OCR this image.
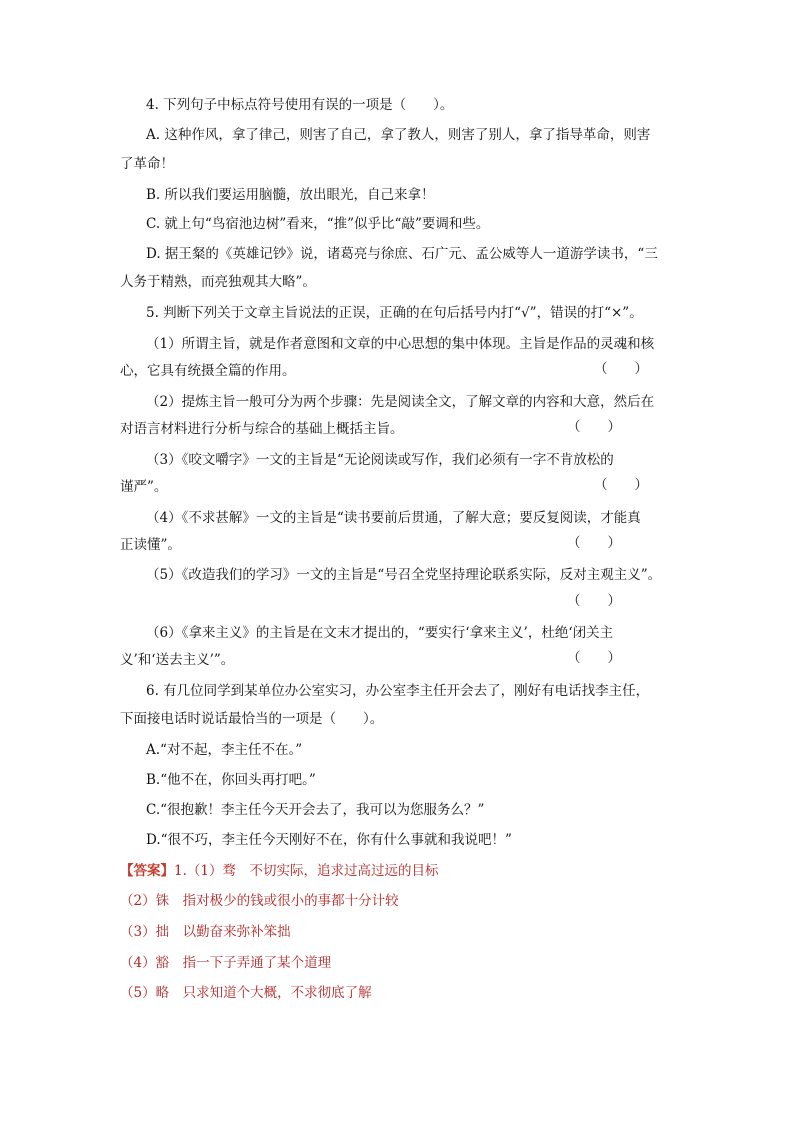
4. 下列句子中标点符号使用有误的一项是（　　）。
A. 这种作风，拿了律己，则害了自己，拿了教人，则害了别人，拿了指导革命，则害
了革命！
B. 所以我们要运用脑髓，放出眼光，自己来拿！
C. 就上句“鸟宿池边树”看来，“推”似乎比“敲”要调和些。
D. 据王粲的《英雄记钞》说，诸葛亮与徐庶、石广元、孟公威等人一道游学读书，“三
人务于精熟，而亮独观其大略”。
5. 判断下列关于文章主旨说法的正误，正确的在句后括号内打“√”，错误的打“×”。
（1）所谓主旨，就是作者意图和文章的中心思想的集中体现。主旨是作品的灵魂和核
心，它具有统摄全篇的作用。	（　　）
（2）提炼主旨一般可分为两个步骤：先是阅读全文，了解文章的内容和大意，然后在
对语言材料进行分析与综合的基础上概括主旨。	（　　）
（3）《咬文嚼字》一文的主旨是“无论阅读或写作，我们必须有一字不肯放松的
谨严”。	（　　）
（4）《不求甚解》一文的主旨是“读书要前后贯通，了解大意；要反复阅读，才能真
正读懂”。	（　　）
（5）《改造我们的学习》一文的主旨是“号召全党坚持理论联系实际，反对主观主义”。
（　　）
（6）《拿来主义》的主旨是在文末才提出的，“要实行‘拿来主义’，杜绝‘闭关主
义’和‘送去主义’”。	（　　）
6. 有几位同学到某单位办公室实习，办公室李主任开会去了，刚好有电话找李主任，
下面接电话时说话最恰当的一项是（　　）。
A.“对不起，李主任不在。”
B.“他不在，你回头再打吧。”
C.“很抱歉！李主任今天开会去了，我可以为您服务么？”
D.“很不巧，李主任今天刚好不在，你有什么事就和我说吧！”
【答案】1.（1）骛　不切实际，追求过高过远的目标
（2）铢　指对极少的钱或很小的事都十分计较
（3）拙　以勤奋来弥补笨拙
（4）豁　指一下子弄通了某个道理
（5）略　只求知道个大概，不求彻底了解
